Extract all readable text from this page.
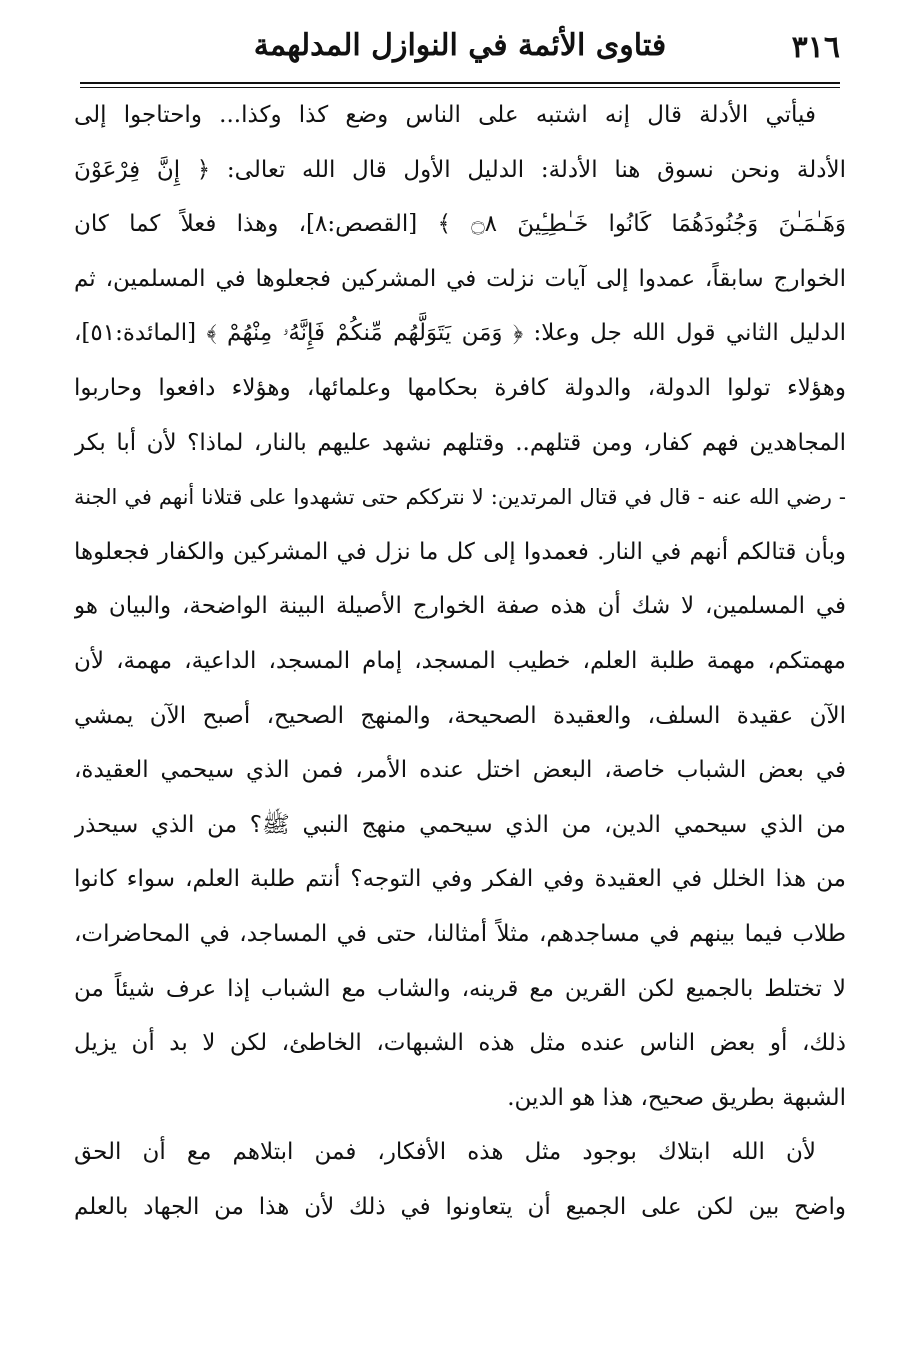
٣١٦
فتاوى الأئمة في النوازل المدلهمة
فيأتي الأدلة قال إنه اشتبه على الناس وضع كذا وكذا... واحتاجوا إلى
الأدلة ونحن نسوق هنا الأدلة: الدليل الأول قال الله تعالى: ﴿ إِنَّ فِرْعَوْنَ
وَهَـٰمَـٰنَ وَجُنُودَهُمَا كَانُوا خَـٰطِـِٔينَ ۝٨ ﴾ [القصص:٨]، وهذا فعلاً كما كان
الخوارج سابقاً، عمدوا إلى آيات نزلت في المشركين فجعلوها في المسلمين، ثم
الدليل الثاني قول الله جل وعلا: ﴿ وَمَن يَتَوَلَّهُم مِّنكُمْ فَإِنَّهُۥ مِنْهُمْ ﴾ [المائدة:٥١]،
وهؤلاء تولوا الدولة، والدولة كافرة بحكامها وعلمائها، وهؤلاء دافعوا وحاربوا
المجاهدين فهم كفار، ومن قتلهم.. وقتلهم نشهد عليهم بالنار، لماذا؟ لأن أبا بكر
- رضي الله عنه - قال في قتال المرتدين: لا نترككم حتى تشهدوا على قتلانا أنهم في الجنة
وبأن قتالكم أنهم في النار. فعمدوا إلى كل ما نزل في المشركين والكفار فجعلوها
في المسلمين، لا شك أن هذه صفة الخوارج الأصيلة البينة الواضحة، والبيان هو
مهمتكم، مهمة طلبة العلم، خطيب المسجد، إمام المسجد، الداعية، مهمة، لأن
الآن عقيدة السلف، والعقيدة الصحيحة، والمنهج الصحيح، أصبح الآن يمشي
في بعض الشباب خاصة، البعض اختل عنده الأمر، فمن الذي سيحمي العقيدة،
من الذي سيحمي الدين، من الذي سيحمي منهج النبي ﷺ؟ من الذي سيحذر
من هذا الخلل في العقيدة وفي الفكر وفي التوجه؟ أنتم طلبة العلم، سواء كانوا
طلاب فيما بينهم في مساجدهم، مثلاً أمثالنا، حتى في المساجد، في المحاضرات،
لا تختلط بالجميع لكن القرين مع قرينه، والشاب مع الشباب إذا عرف شيئاً من
ذلك، أو بعض الناس عنده مثل هذه الشبهات، الخاطئ، لكن لا بد أن يزيل
الشبهة بطريق صحيح، هذا هو الدين.
لأن الله ابتلاك بوجود مثل هذه الأفكار، فمن ابتلاهم مع أن الحق
واضح بين لكن على الجميع أن يتعاونوا في ذلك لأن هذا من الجهاد بالعلم
